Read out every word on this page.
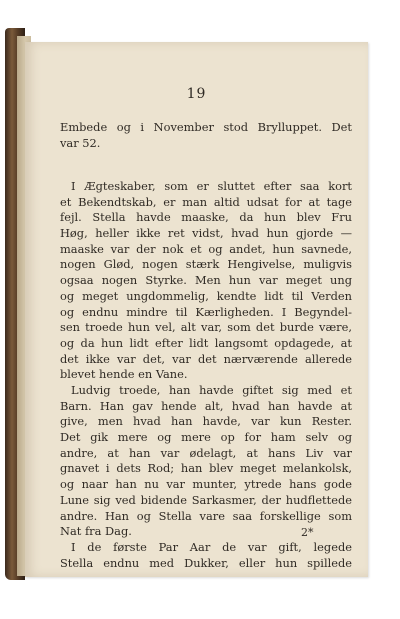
19
Embede og i November stod Brylluppet. Det
var 52.
I Ægteskaber, som er sluttet efter saa kort
et Bekendtskab, er man altid udsat for at tage
fejl. Stella havde maaske, da hun blev Fru
Høg, heller ikke ret vidst, hvad hun gjorde —
maaske var der nok et og andet, hun savnede,
nogen Glød, nogen stærk Hengivelse, muligvis
ogsaa nogen Styrke. Men hun var meget ung
og meget ungdommelig, kendte lidt til Verden
og endnu mindre til Kærligheden. I Begyndel-
sen troede hun vel, alt var, som det burde være,
og da hun lidt efter lidt langsomt opdagede, at
det ikke var det, var det nærværende allerede
blevet hende en Vane.
Ludvig troede, han havde giftet sig med et
Barn. Han gav hende alt, hvad han havde at
give, men hvad han havde, var kun Rester.
Det gik mere og mere op for ham selv og
andre, at han var ødelagt, at hans Liv var
gnavet i dets Rod; han blev meget melankolsk,
og naar han nu var munter, ytrede hans gode
Lune sig ved bidende Sarkasmer, der hudflettede
andre. Han og Stella vare saa forskellige som
Nat fra Dag.
I de første Par Aar de var gift, legede
Stella endnu med Dukker, eller hun spillede
2*
